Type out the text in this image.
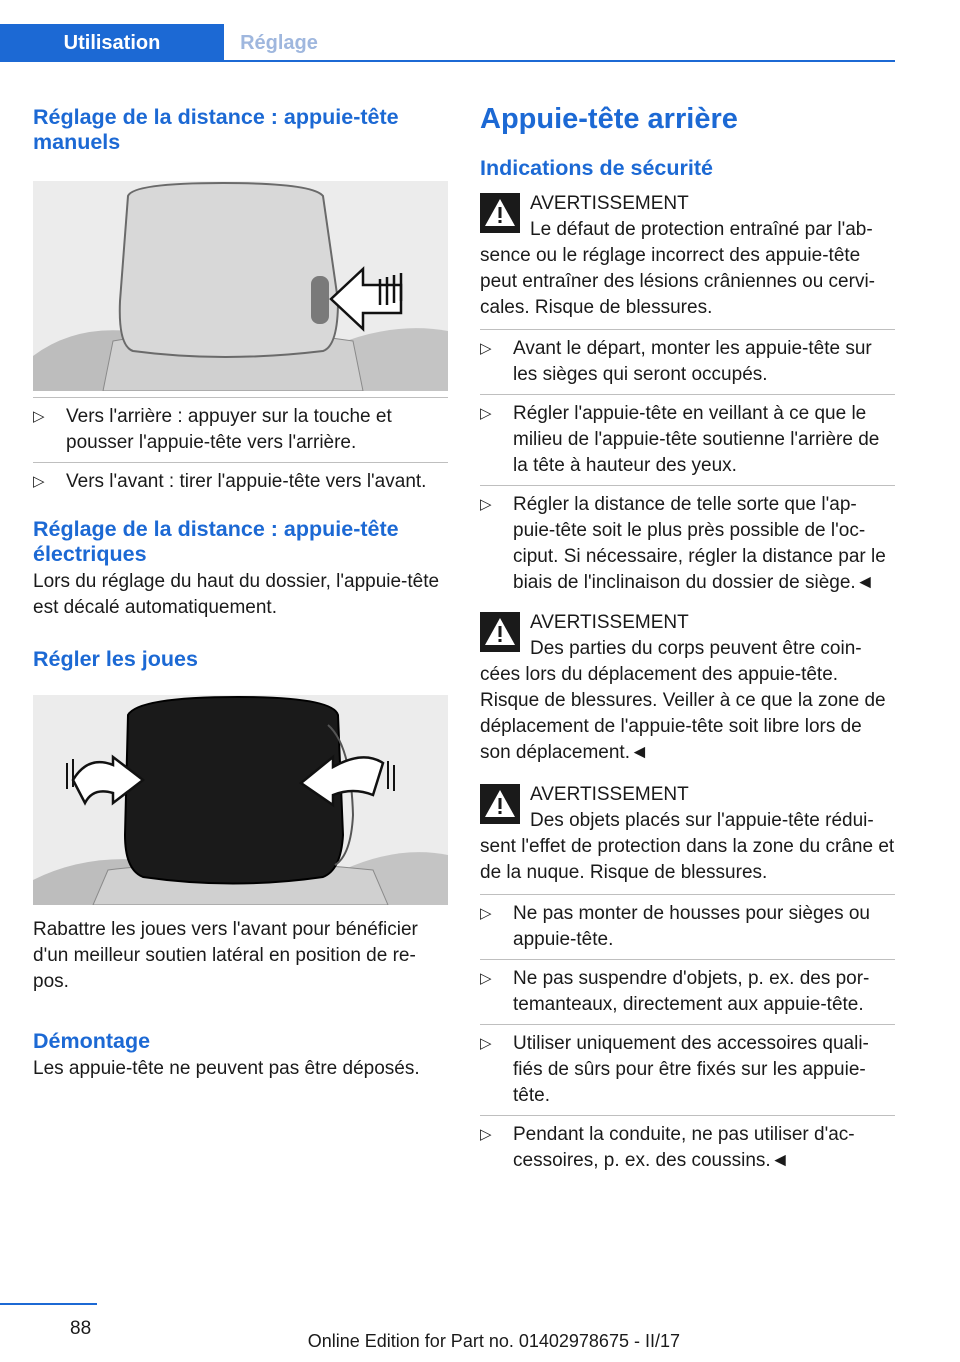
Utilisation	Réglage
Réglage de la distance : appuie-tête manuels
▷	Vers l'arrière : appuyer sur la touche et pousser l'appuie-tête vers l'arrière.
▷	Vers l'avant : tirer l'appuie-tête vers l'avant.
Réglage de la distance : appuie-tête électriques

Lors du réglage du haut du dossier, l'appuie-tête est décalé automatiquement.

Régler les joues

Rabattre les joues vers l'avant pour bénéficier d'un meilleur soutien latéral en position de re-pos.

Démontage

Les appuie-tête ne peuvent pas être déposés.

Appuie-tête arrière
Indications de sécurité
AVERTISSEMENT
Le défaut de protection entraîné par l'ab-

sence ou le réglage incorrect des appuie-tête peut entraîner des lésions crâniennes ou cervi-cales. Risque de blessures.

▷	Avant le départ, monter les appuie-tête sur les sièges qui seront occupés.
▷	Régler l'appuie-tête en veillant à ce que le milieu de l'appuie-tête soutienne l'arrière de la tête à hauteur des yeux.
▷	Régler la distance de telle sorte que l'ap-puie-tête soit le plus près possible de l'oc-ciput. Si nécessaire, régler la distance par le biais de l'inclinaison du dossier de siège.◄
AVERTISSEMENT
Des parties du corps peuvent être coin-

cées lors du déplacement des appuie-tête. Risque de blessures. Veiller à ce que la zone de déplacement de l'appuie-tête soit libre lors de son déplacement.◄

AVERTISSEMENT
Des objets placés sur l'appuie-tête rédui-

sent l'effet de protection dans la zone du crâne et de la nuque. Risque de blessures.

▷	Ne pas monter de housses pour sièges ou appuie-tête.
▷	Ne pas suspendre d'objets, p. ex. des por-temanteaux, directement aux appuie-tête.
▷	Utiliser uniquement des accessoires quali-fiés de sûrs pour être fixés sur les appuie-tête.
▷	Pendant la conduite, ne pas utiliser d'ac-cessoires, p. ex. des coussins.◄
88
Online Edition for Part no. 01402978675 - II/17
